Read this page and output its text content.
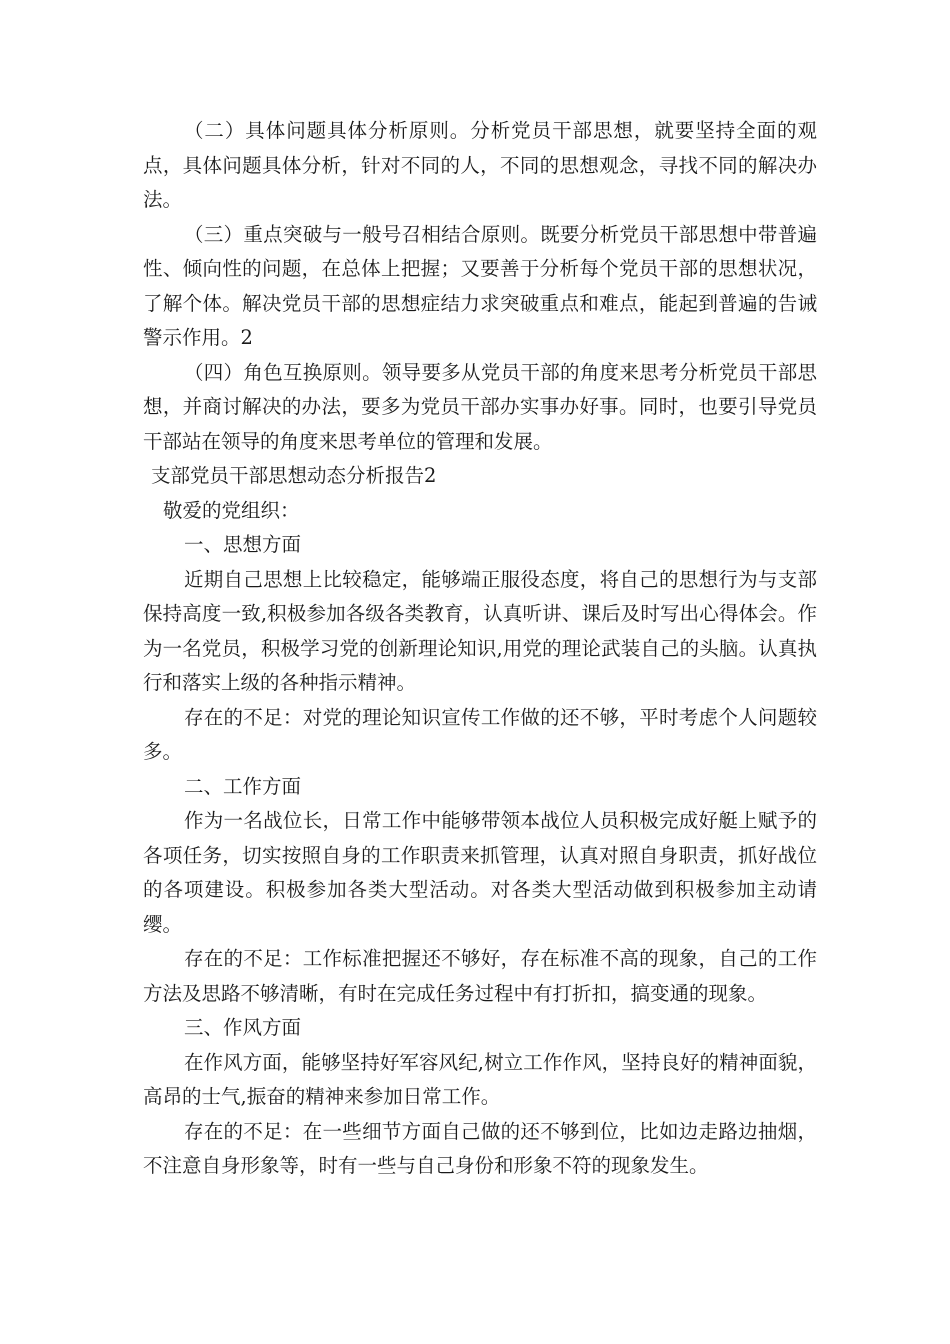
（二）具体问题具体分析原则。分析党员干部思想，就要坚持全面的观点，具体问题具体分析，针对不同的人，不同的思想观念，寻找不同的解决办法。

（三）重点突破与一般号召相结合原则。既要分析党员干部思想中带普遍性、倾向性的问题，在总体上把握；又要善于分析每个党员干部的思想状况，了解个体。解决党员干部的思想症结力求突破重点和难点，能起到普遍的告诫警示作用。2

（四）角色互换原则。领导要多从党员干部的角度来思考分析党员干部思想，并商讨解决的办法，要多为党员干部办实事办好事。同时，也要引导党员干部站在领导的角度来思考单位的管理和发展。

支部党员干部思想动态分析报告2

敬爱的党组织：

一、思想方面

近期自己思想上比较稳定，能够端正服役态度，将自己的思想行为与支部保持高度一致,积极参加各级各类教育，认真听讲、课后及时写出心得体会。作为一名党员，积极学习党的创新理论知识,用党的理论武装自己的头脑。认真执行和落实上级的各种指示精神。

存在的不足：对党的理论知识宣传工作做的还不够，平时考虑个人问题较多。

二、工作方面

作为一名战位长，日常工作中能够带领本战位人员积极完成好艇上赋予的各项任务，切实按照自身的工作职责来抓管理，认真对照自身职责，抓好战位的各项建设。积极参加各类大型活动。对各类大型活动做到积极参加主动请缨。

存在的不足：工作标准把握还不够好，存在标准不高的现象，自己的工作方法及思路不够清晰，有时在完成任务过程中有打折扣，搞变通的现象。

三、作风方面

在作风方面，能够坚持好军容风纪,树立工作作风，坚持良好的精神面貌，高昂的士气,振奋的精神来参加日常工作。

存在的不足：在一些细节方面自己做的还不够到位，比如边走路边抽烟，不注意自身形象等，时有一些与自己身份和形象不符的现象发生。
